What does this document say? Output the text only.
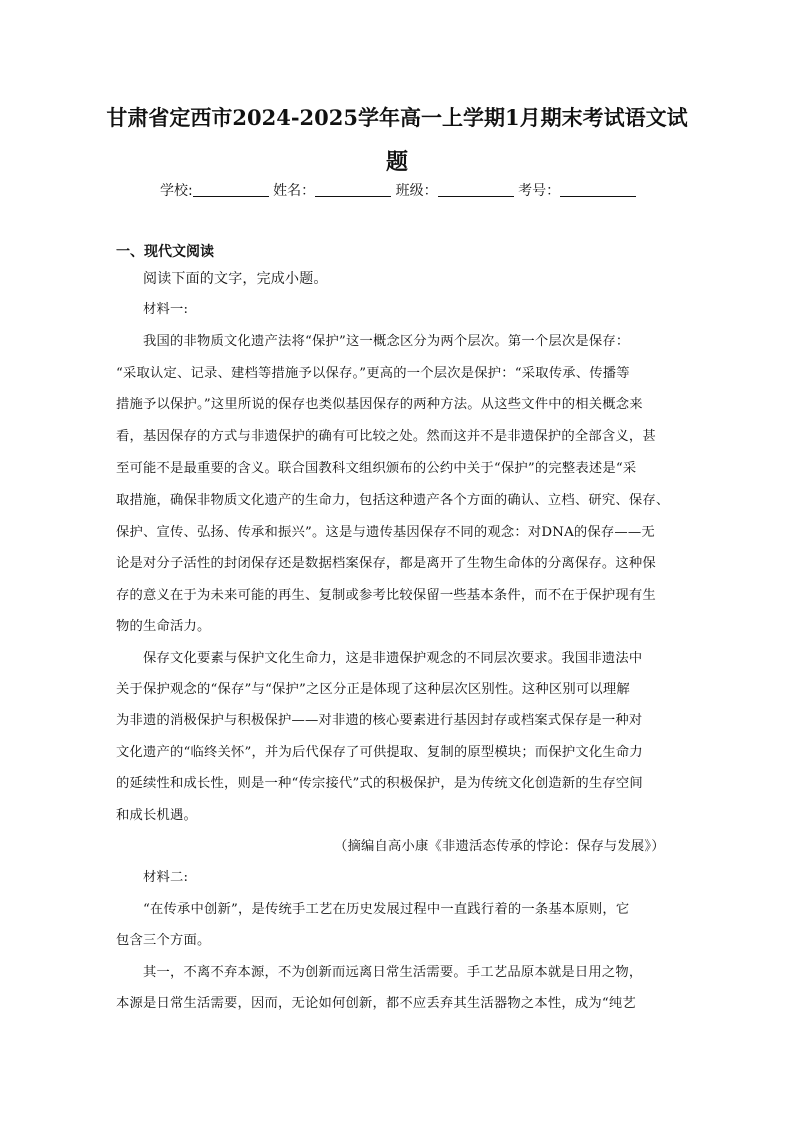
甘肃省定西市2024-2025学年高一上学期1月期末考试语文试
题
学校:	姓名：	班级：	考号：
一、现代文阅读
阅读下面的文字，完成小题。
材料一:
我国的非物质文化遗产法将“保护”这一概念区分为两个层次。第一个层次是保存：
“采取认定、记录、建档等措施予以保存。”更高的一个层次是保护：“采取传承、传播等
措施予以保护。”这里所说的保存也类似基因保存的两种方法。从这些文件中的相关概念来
看，基因保存的方式与非遗保护的确有可比较之处。然而这并不是非遗保护的全部含义，甚
至可能不是最重要的含义。联合国教科文组织颁布的公约中关于“保护”的完整表述是“采
取措施，确保非物质文化遗产的生命力，包括这种遗产各个方面的确认、立档、研究、保存、
保护、宣传、弘扬、传承和振兴”。这是与遗传基因保存不同的观念：对DNA的保存——无
论是对分子活性的封闭保存还是数据档案保存，都是离开了生物生命体的分离保存。这种保
存的意义在于为未来可能的再生、复制或参考比较保留一些基本条件，而不在于保护现有生
物的生命活力。
保存文化要素与保护文化生命力，这是非遗保护观念的不同层次要求。我国非遗法中
关于保护观念的“保存”与“保护”之区分正是体现了这种层次区别性。这种区别可以理解
为非遗的消极保护与积极保护——对非遗的核心要素进行基因封存或档案式保存是一种对
文化遗产的“临终关怀”，并为后代保存了可供提取、复制的原型模块；而保护文化生命力
的延续性和成长性，则是一种“传宗接代”式的积极保护，是为传统文化创造新的生存空间
和成长机遇。
（摘编自高小康《非遗活态传承的悖论：保存与发展》）
材料二:
“在传承中创新”，是传统手工艺在历史发展过程中一直践行着的一条基本原则，它
包含三个方面。
其一，不离不弃本源，不为创新而远离日常生活需要。手工艺品原本就是日用之物，
本源是日常生活需要，因而，无论如何创新，都不应丢弃其生活器物之本性，成为“纯艺
